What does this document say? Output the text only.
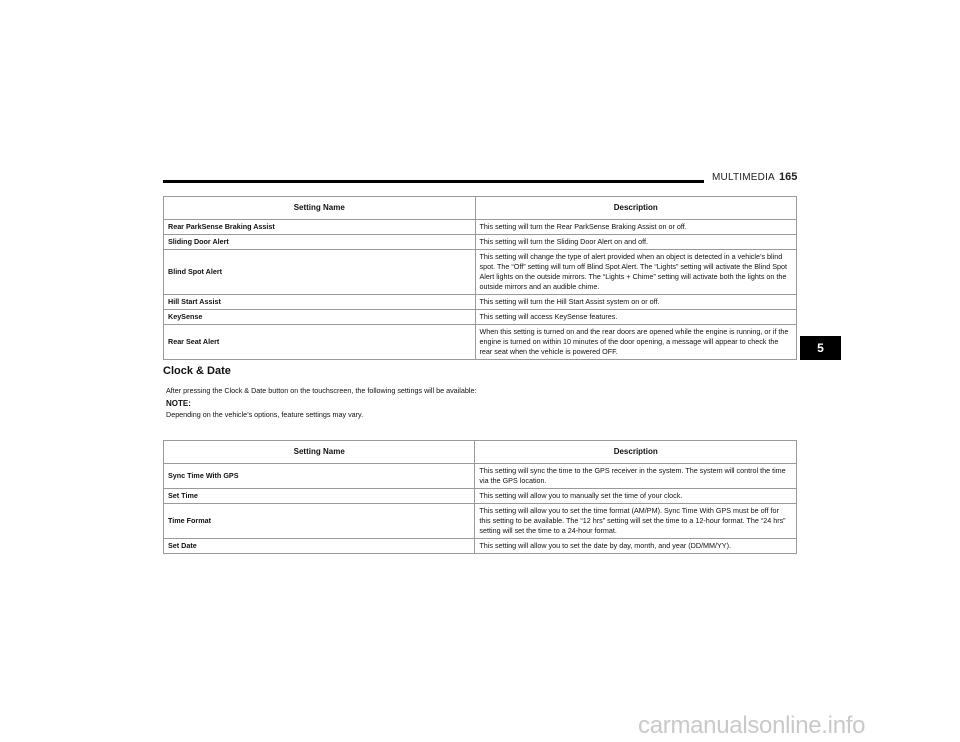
MULTIMEDIA 165
Setting Name	Description
Rear ParkSense Braking Assist	This setting will turn the Rear ParkSense Braking Assist on or off.
Sliding Door Alert	This setting will turn the Sliding Door Alert on and off.
Blind Spot Alert	This setting will change the type of alert provided when an object is detected in a vehicle’s blind spot. The “Off” setting will turn off Blind Spot Alert. The “Lights” setting will activate the Blind Spot Alert lights on the outside mirrors. The “Lights + Chime” setting will activate both the lights on the outside mirrors and an audible chime.
Hill Start Assist	This setting will turn the Hill Start Assist system on or off.
KeySense	This setting will access KeySense features.
Rear Seat Alert	When this setting is turned on and the rear doors are opened while the engine is running, or if the engine is turned on within 10 minutes of the door opening, a message will appear to check the rear seat when the vehicle is powered OFF.
Clock & Date
After pressing the Clock & Date button on the touchscreen, the following settings will be available:
NOTE:
Depending on the vehicle’s options, feature settings may vary.
Setting Name	Description
Sync Time With GPS	This setting will sync the time to the GPS receiver in the system. The system will control the time via the GPS location.
Set Time	This setting will allow you to manually set the time of your clock.
Time Format	This setting will allow you to set the time format (AM/PM). Sync Time With GPS must be off for this setting to be available. The “12 hrs” setting will set the time to a 12-hour format. The “24 hrs” setting will set the time to a 24-hour format.
Set Date	This setting will allow you to set the date by day, month, and year (DD/MM/YY).
5
carmanualsonline.info
